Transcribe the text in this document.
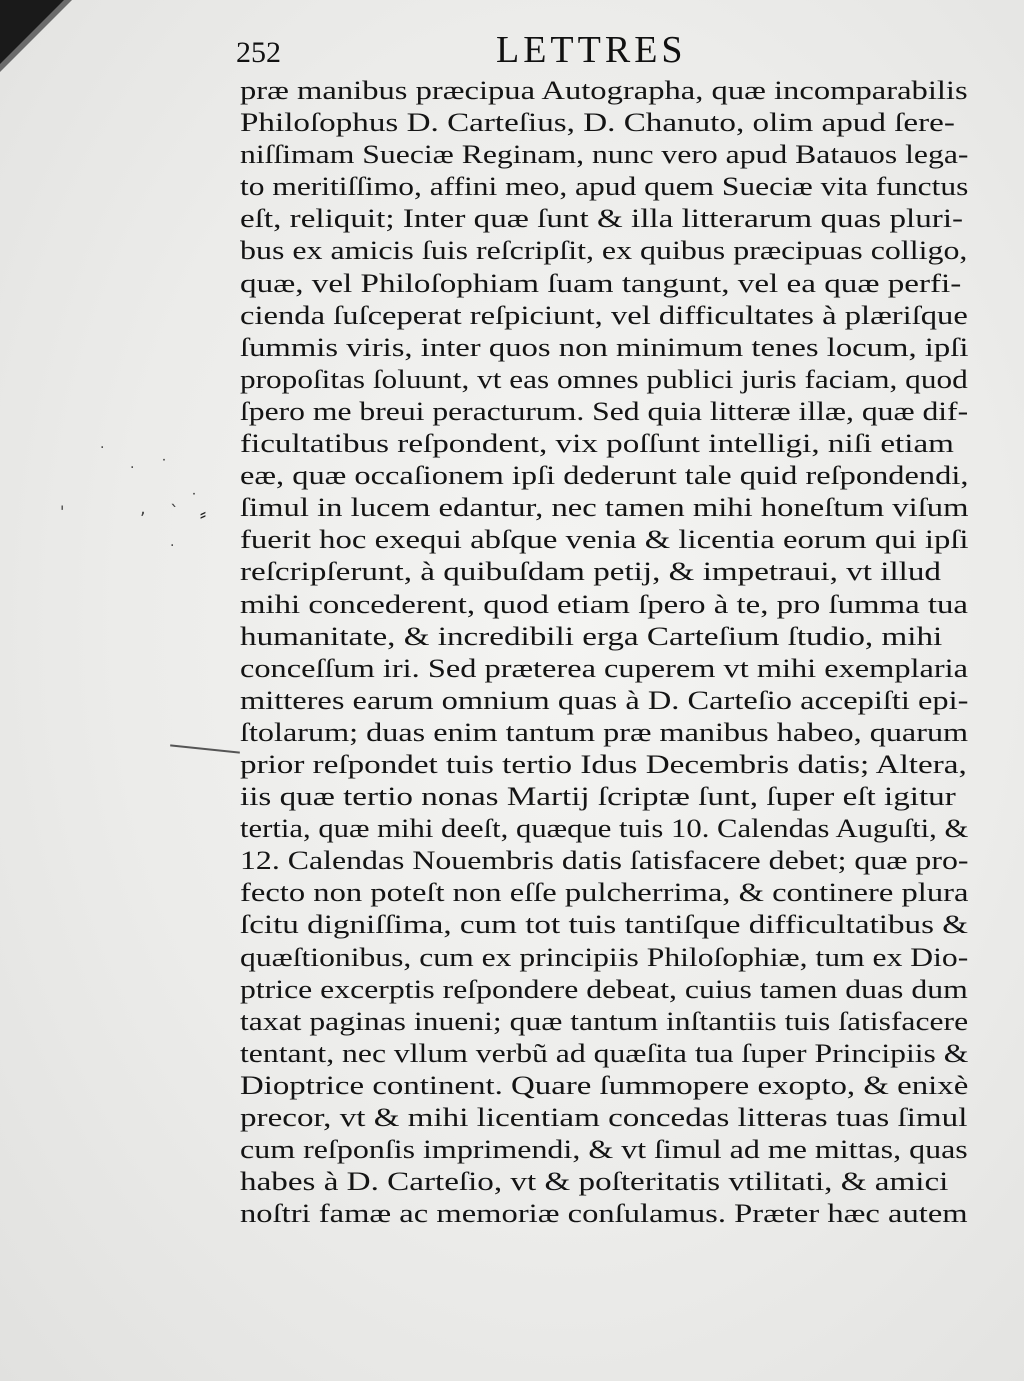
252	LETTRES
·
· ˙
'
˙
, ` ⸗
·
præ manibus præcipua Autographa, quæ incomparabilis
Philoſophus D. Carteſius, D. Chanuto, olim apud ſere-
niſſimam Sueciæ Reginam, nunc vero apud Batauos lega-
to meritiſſimo, affini meo, apud quem Sueciæ vita functus
eſt, reliquit; Inter quæ ſunt & illa litterarum quas pluri-
bus ex amicis ſuis reſcripſit, ex quibus præcipuas colligo,
quæ, vel Philoſophiam ſuam tangunt, vel ea quæ perfi-
cienda ſuſceperat reſpiciunt, vel difficultates à plæriſque
ſummis viris, inter quos non minimum tenes locum, ipſi
propoſitas ſoluunt, vt eas omnes publici juris faciam, quod
ſpero me breui peracturum. Sed quia litteræ illæ, quæ dif-
ficultatibus reſpondent, vix poſſunt intelligi, niſi etiam
eæ, quæ occaſionem ipſi dederunt tale quid reſpondendi,
ſimul in lucem edantur, nec tamen mihi honeſtum viſum
fuerit hoc exequi abſque venia & licentia eorum qui ipſi
reſcripſerunt, à quibuſdam petij, & impetraui, vt illud
mihi concederent, quod etiam ſpero à te, pro ſumma tua
humanitate, & incredibili erga Carteſium ſtudio, mihi
conceſſum iri. Sed præterea cuperem vt mihi exemplaria
mitteres earum omnium quas à D. Carteſio accepiſti epi-
ſtolarum; duas enim tantum præ manibus habeo, quarum
prior reſpondet tuis tertio Idus Decembris datis; Altera,
iis quæ tertio nonas Martij ſcriptæ ſunt, ſuper eſt igitur
tertia, quæ mihi deeſt, quæque tuis 10. Calendas Auguſti, &
12. Calendas Nouembris datis ſatisfacere debet; quæ pro-
fecto non poteſt non eſſe pulcherrima, & continere plura
ſcitu digniſſima, cum tot tuis tantiſque difficultatibus &
quæſtionibus, cum ex principiis Philoſophiæ, tum ex Dio-
ptrice excerptis reſpondere debeat, cuius tamen duas dum
taxat paginas inueni; quæ tantum inſtantiis tuis ſatisfacere
tentant, nec vllum verbũ ad quæſita tua ſuper Principiis &
Dioptrice continent. Quare ſummopere exopto, & enixè
precor, vt & mihi licentiam concedas litteras tuas ſimul
cum reſponſis imprimendi, & vt ſimul ad me mittas, quas
habes à D. Carteſio, vt & poſteritatis vtilitati, & amici
noſtri famæ ac memoriæ conſulamus. Præter hæc autem
